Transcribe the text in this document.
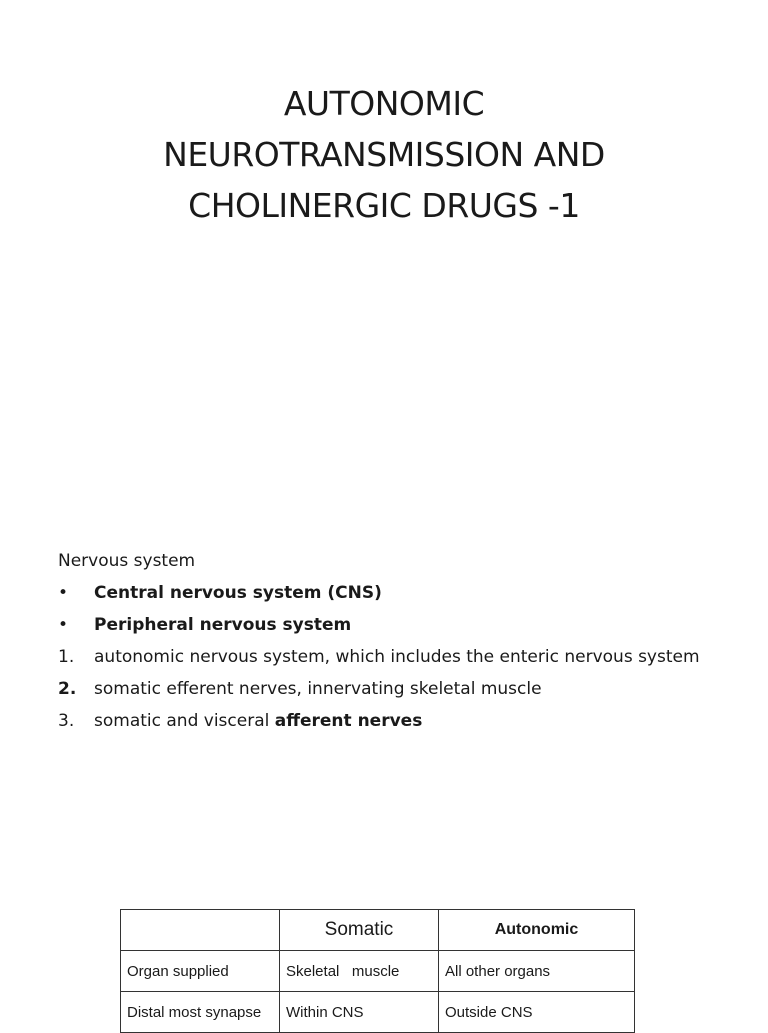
AUTONOMIC
NEUROTRANSMISSION AND
CHOLINERGIC DRUGS -1
Nervous system
•	Central nervous system (CNS)
•	Peripheral nervous system
1.	autonomic nervous system, which includes the enteric nervous system
2.	somatic efferent nerves, innervating skeletal muscle
3.	somatic and visceral afferent nerves
	Somatic	Autonomic
Organ supplied	Skeletal   muscle	All other organs
Distal most synapse	Within CNS	Outside CNS
